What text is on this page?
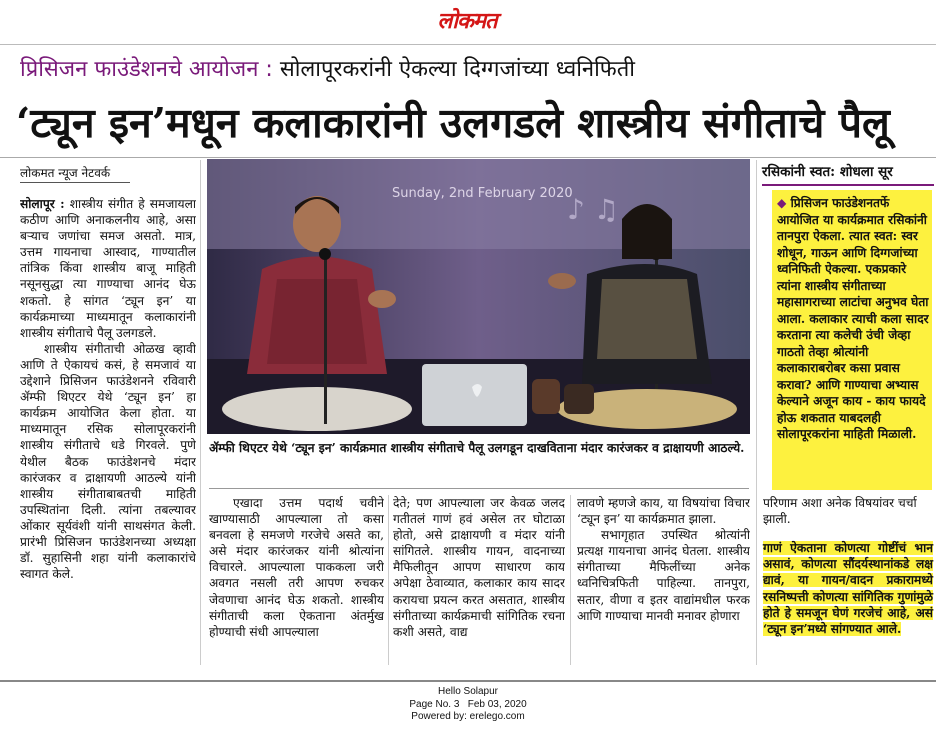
लोकमत
प्रिसिजन फाउंडेशनचे आयोजन : सोलापूरकरांनी ऐकल्या दिग्गजांच्या ध्वनिफिती
‘ट्यून इन’मधून कलाकारांनी उलगडले शास्त्रीय संगीताचे पैलू
लोकमत न्यूज नेटवर्क

सोलापूर : शास्त्रीय संगीत हे समजायला कठीण आणि अनाकलनीय आहे, असा बऱ्याच जणांचा समज असतो. मात्र, उत्तम गायनाचा आस्वाद, गाण्यातील तांत्रिक किंवा शास्त्रीय बाजू माहिती नसूनसुद्धा त्या गाण्याचा आनंद घेऊ शकतो. हे सांगत ‘ट्यून इन’ या कार्यक्रमाच्या माध्यमातून कलाकारांनी शास्त्रीय संगीताचे पैलू उलगडले.

शास्त्रीय संगीताची ओळख व्हावी आणि ते ऐकायचं कसं, हे समजावं या उद्देशाने प्रिसिजन फाउंडेशनने रविवारी ॲम्फी थिएटर येथे ‘ट्यून इन’ हा कार्यक्रम आयोजित केला होता. या माध्यमातून रसिक सोलापूरकरांनी शास्त्रीय संगीताचे धडे गिरवले. पुणे येथील बैठक फाउंडेशनचे मंदार कारंजकर व द्राक्षायणी आठल्ये यांनी शास्त्रीय संगीताबाबतची माहिती उपस्थितांना दिली. त्यांना तबल्यावर ओंकार सूर्यवंशी यांनी साथसंगत केली. प्रारंभी प्रिसिजन फाउंडेशनच्या अध्यक्षा डॉ. सुहासिनी शहा यांनी कलाकारांचे स्वागत केले.

Sunday, 2nd February 2020
♪ ♫
ॲम्फी थिएटर येथे ‘ट्यून इन’ कार्यक्रमात शास्त्रीय संगीताचे पैलू उलगडून दाखविताना मंदार कारंजकर व द्राक्षायणी आठल्ये.
एखादा उत्तम पदार्थ चवीने खाण्यासाठी आपल्याला तो कसा बनवला हे समजणे गरजेचे असते का, असे मंदार कारंजकर यांनी श्रोत्यांना विचारले. आपल्याला पाककला जरी अवगत नसली तरी आपण रुचकर जेवणाचा आनंद घेऊ शकतो. शास्त्रीय संगीताची कला ऐकताना अंतर्मुख होण्याची संधी आपल्याला
देते; पण आपल्याला जर केवळ जलद गतीतलं गाणं हवं असेल तर घोटाळा होतो, असे द्राक्षायणी व मंदार यांनी सांगितले. शास्त्रीय गायन, वादनाच्या मैफिलीतून आपण साधारण काय अपेक्षा ठेवाव्यात, कलाकार काय सादर करायचा प्रयत्न करत असतात, शास्त्रीय संगीताच्या कार्यक्रमाची सांगितिक रचना कशी असते, वाद्य
लावणे म्हणजे काय, या विषयांचा विचार ‘ट्यून इन’ या कार्यक्रमात झाला.
सभागृहात उपस्थित श्रोत्यांनी प्रत्यक्ष गायनाचा आनंद घेतला. शास्त्रीय संगीताच्या मैफिलींच्या अनेक ध्वनिचित्रफिती पाहिल्या. तानपुरा, सतार, वीणा व इतर वाद्यांमधील फरक आणि गाण्याचा मानवी मनावर होणारा
रसिकांनी स्वत: शोधला सूर
◆ प्रिसिजन फाउंडेशनतर्फे आयोजित या कार्यक्रमात रसिकांनी तानपुरा ऐकला. त्यात स्वत: स्वर शोधून, गाऊन आणि दिग्गजांच्या ध्वनिफिती ऐकल्या. एकप्रकारे त्यांना शास्त्रीय संगीताच्या महासागराच्या लाटांचा अनुभव घेता आला. कलाकार त्याची कला सादर करताना त्या कलेची उंची जेव्हा गाठतो तेव्हा श्रोत्यांनी कलाकाराबरोबर कसा प्रवास करावा? आणि गाण्याचा अभ्यास केल्याने अजून काय - काय फायदे होऊ शकतात याबदलही सोलापूरकरांना माहिती मिळाली.
परिणाम अशा अनेक विषयांवर चर्चा झाली.
गाणं ऐकताना कोणत्या गोष्टींचं भान असावं, कोणत्या सौंदर्यस्थानांकडे लक्ष द्यावं, या गायन/वादन प्रकारामध्ये रसनिष्पत्ती कोणत्या सांगितिक गुणांमुळे होते हे समजून घेणं गरजेचं आहे, असं ‘ट्यून इन’मध्ये सांगण्यात आले.
Hello Solapur
Page No. 3   Feb 03, 2020
Powered by: erelego.com
